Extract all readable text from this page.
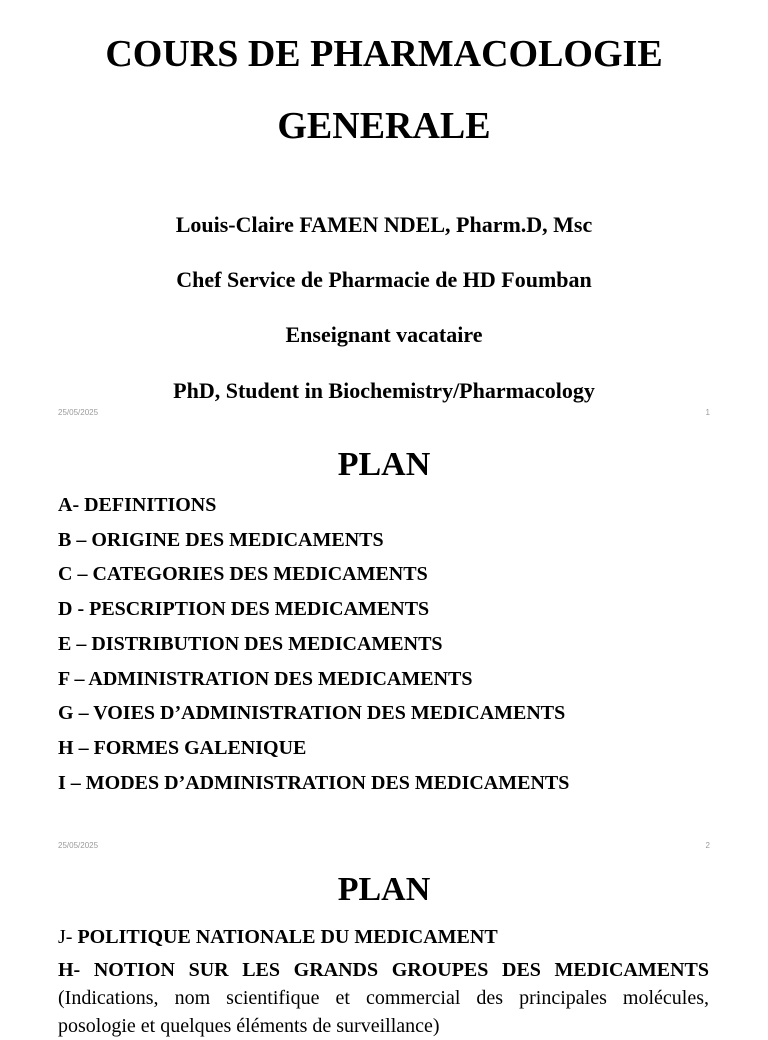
COURS DE PHARMACOLOGIE
GENERALE
Louis-Claire FAMEN NDEL, Pharm.D, Msc
Chef Service de Pharmacie de HD Foumban
Enseignant vacataire
PhD, Student in Biochemistry/Pharmacology
25/05/2025	1
PLAN
A- DEFINITIONS
B – ORIGINE DES MEDICAMENTS
C – CATEGORIES DES MEDICAMENTS
D - PESCRIPTION DES MEDICAMENTS
E – DISTRIBUTION DES MEDICAMENTS
F – ADMINISTRATION DES MEDICAMENTS
G – VOIES D’ADMINISTRATION DES MEDICAMENTS
H – FORMES GALENIQUE
I – MODES D’ADMINISTRATION DES MEDICAMENTS
25/05/2025	2
PLAN
J- POLITIQUE NATIONALE DU MEDICAMENT
H- NOTION SUR LES GRANDS GROUPES DES MEDICAMENTS (Indications, nom scientifique et commercial des principales molécules, posologie et quelques éléments de surveillance)
